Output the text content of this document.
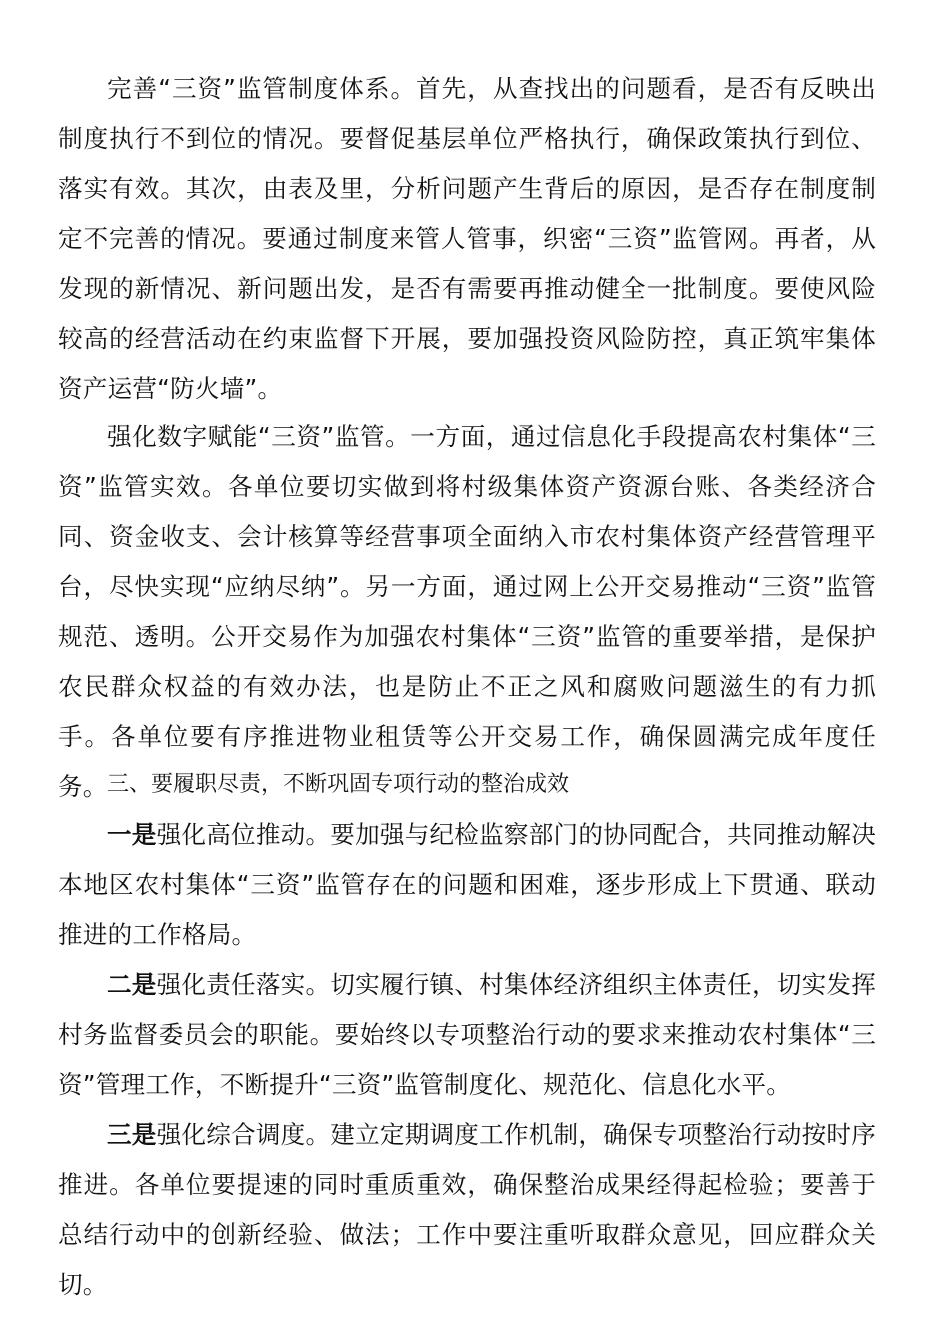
完善“三资”监管制度体系。首先，从查找出的问题看，是否有反映出制度执行不到位的情况。要督促基层单位严格执行，确保政策执行到位、落实有效。其次，由表及里，分析问题产生背后的原因，是否存在制度制定不完善的情况。要通过制度来管人管事，织密“三资”监管网。再者，从发现的新情况、新问题出发，是否有需要再推动健全一批制度。要使风险较高的经营活动在约束监督下开展，要加强投资风险防控，真正筑牢集体资产运营“防火墙”。

强化数字赋能“三资”监管。一方面，通过信息化手段提高农村集体“三资”监管实效。各单位要切实做到将村级集体资产资源台账、各类经济合同、资金收支、会计核算等经营事项全面纳入市农村集体资产经营管理平台，尽快实现“应纳尽纳”。另一方面，通过网上公开交易推动“三资”监管规范、透明。公开交易作为加强农村集体“三资”监管的重要举措，是保护农民群众权益的有效办法，也是防止不正之风和腐败问题滋生的有力抓手。各单位要有序推进物业租赁等公开交易工作，确保圆满完成年度任务。 三、要履职尽责，不断巩固专项行动的整治成效

一是强化高位推动。要加强与纪检监察部门的协同配合，共同推动解决本地区农村集体“三资”监管存在的问题和困难，逐步形成上下贯通、联动推进的工作格局。

二是强化责任落实。切实履行镇、村集体经济组织主体责任，切实发挥村务监督委员会的职能。要始终以专项整治行动的要求来推动农村集体“三资”管理工作，不断提升“三资”监管制度化、规范化、信息化水平。

三是强化综合调度。建立定期调度工作机制，确保专项整治行动按时序推进。各单位要提速的同时重质重效，确保整治成果经得起检验；要善于总结行动中的创新经验、做法；工作中要注重听取群众意见，回应群众关切。
